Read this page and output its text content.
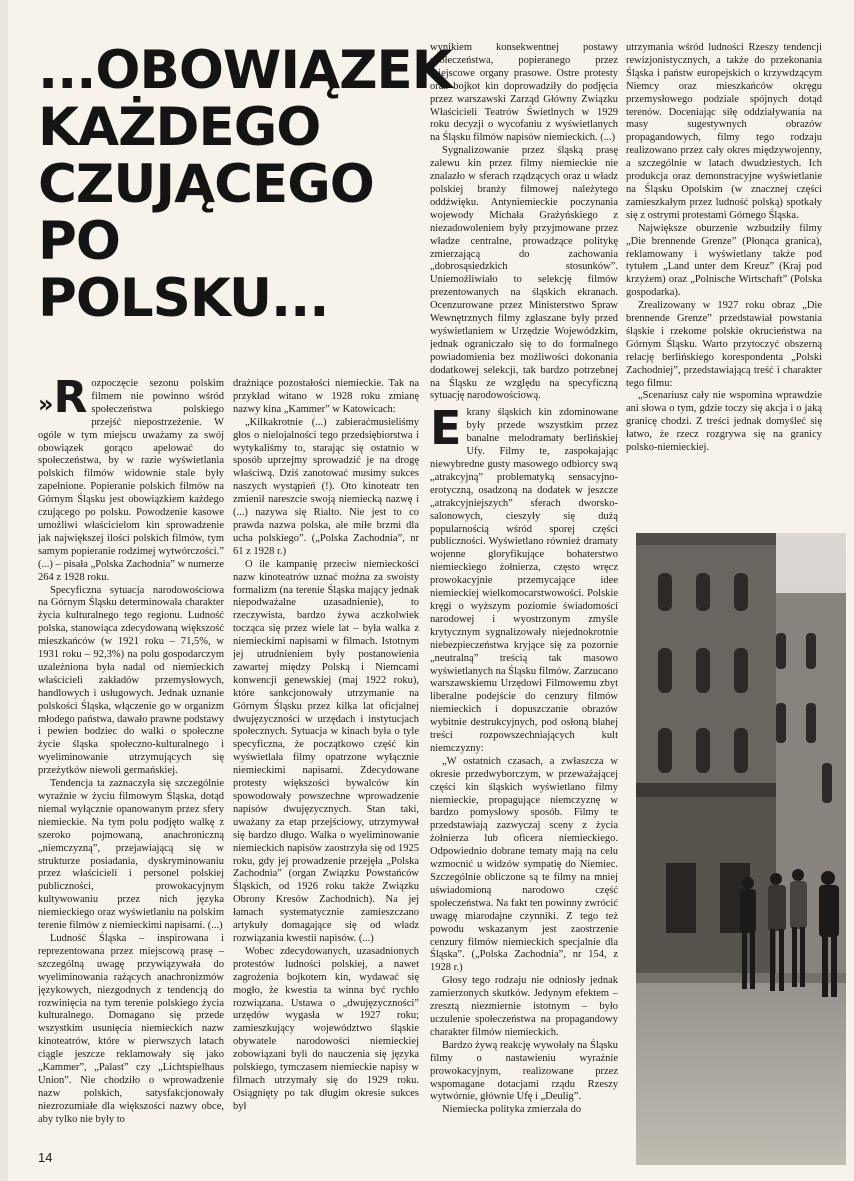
...OBOWIĄZEK
KAŻDEGO
CZUJĄCEGO
PO
POLSKU...

»R ozpoczęcie sezonu polskim filmem nie powinno wśród społeczeństwa polskiego przejść niepostrzeżenie. W ogóle w tym miejscu uważamy za swój obowiązek gorąco apelować do społeczeństwa, by w razie wyświetlania polskich filmów widownie stale były zapełnione. Popieranie polskich filmów na Górnym Śląsku jest obowiązkiem każdego czującego po polsku. Powodzenie kasowe umożliwi właścicielom kin sprowadzenie jak największej ilości polskich filmów, tym samym popieranie rodzimej wytwórczości.” (...) – pisała „Polska Zachodnia” w numerze 264 z 1928 roku.

Specyficzna sytuacja narodowościowa na Górnym Śląsku determinowała charakter życia kulturalnego tego regionu. Ludność polska, stanowiąca zdecydowaną większość mieszkańców (w 1921 roku – 71,5%, w 1931 roku – 92,3%) na polu gospodarczym uzależniona była nadal od niemieckich właścicieli zakładów przemysłowych, handlowych i usługowych. Jednak uznanie polskości Śląska, włączenie go w organizm młodego państwa, dawało prawne podstawy i pewien bodziec do walki o społeczne życie śląska społeczno-kulturalnego i wyeliminowanie utrzymujących się przeżytków niewoli germańskiej.

Tendencja ta zaznaczyła się szczególnie wyraźnie w życiu filmowym Śląska, dotąd niemal wyłącznie opanowanym przez sfery niemieckie. Na tym polu podjęto walkę z szeroko pojmowaną, anachroniczną „niemczyzną”, przejawiającą się w strukturze posiadania, dyskryminowaniu przez właścicieli i personel polskiej publiczności, prowokacyjnym kultywowaniu przez nich języka niemieckiego oraz wyświetlaniu na polskim terenie filmów z niemieckimi napisami. (...)

Ludność Śląska – inspirowana i reprezentowana przez miejscową prasę – szczególną uwagę przywiązywała do wyeliminowania rażących anachronizmów językowych, niezgodnych z tendencją do rozwinięcia na tym terenie polskiego życia kulturalnego. Domagano się przede wszystkim usunięcia niemieckich nazw kinoteatrów, które w pierwszych latach ciągle jeszcze reklamowały się jako „Kammer”, „Palast” czy „Lichtspielhaus Union”. Nie chodziło o wprowadzenie nazw polskich, satysfakcjonowały niezrozumiałe dla większości nazwy obce, aby tylko nie były to

drażniące pozostałości niemieckie. Tak na przykład witano w 1928 roku zmianę nazwy kina „Kammer” w Katowicach:

„Kilkakrotnie (...) zabieraćmusieliśmy głos o nielojalności tego przedsiębiorstwa i wytykaliśmy to, starając się ostatnio w sposób uprzejmy sprowadzić je na drogę właściwą. Dziś zanotować musimy sukces naszych wystąpień (!). Oto kinoteatr ten zmienił nareszcie swoją niemiecką nazwę i (...) nazywa się Rialto. Nie jest to co prawda nazwa polska, ale miłe brzmi dla ucha polskiego”. („Polska Zachodnia”, nr 61 z 1928 r.)

O ile kampanię przeciw niemieckości nazw kinoteatrów uznać można za swoisty formalizm (na terenie Śląska mający jednak niepodważalne uzasadnienie), to rzeczywista, bardzo żywa aczkolwiek tocząca się przez wiele lat – była walka z niemieckimi napisami w filmach. Istotnym jej utrudnieniem były postanowienia zawartej między Polską i Niemcami konwencji genewskiej (maj 1922 roku), które sankcjonowały utrzymanie na Górnym Śląsku przez kilka lat oficjalnej dwujęzyczności w urzędach i instytucjach społecznych. Sytuacja w kinach była o tyle specyficzna, że początkowo część kin wyświetlała filmy opatrzone wyłącznie niemieckimi napisami. Zdecydowane protesty większości bywalców kin spowodowały powszechne wprowadzenie napisów dwujęzycznych. Stan taki, uważany za etap przejściowy, utrzymywał się bardzo długo. Walka o wyeliminowanie niemieckich napisów zaostrzyła się od 1925 roku, gdy jej prowadzenie przejęła „Polska Zachodnia” (organ Związku Powstańców Śląskich, od 1926 roku także Związku Obrony Kresów Zachodnich). Na jej łamach systematycznie zamieszczano artykuły domagające się od władz rozwiązania kwestii napisów. (...)

Wobec zdecydowanych, uzasadnionych protestów ludności polskiej, a nawet zagrożenia bojkotem kin, wydawać się mogło, że kwestia ta winna być rychło rozwiązana. Ustawa o „dwujęzyczności” urzędów wygasła w 1927 roku; zamieszkujący województwo śląskie obywatele narodowości niemieckiej zobowiązani byli do nauczenia się języka polskiego, tymczasem niemieckie napisy w filmach utrzymały się do 1929 roku. Osiągnięty po tak długim okresie sukces był

wynikiem konsekwentnej postawy społeczeństwa, popieranego przez miejscowe organy prasowe. Ostre protesty oraz bojkot kin doprowadziły do podjęcia przez warszawski Zarząd Główny Związku Właścicieli Teatrów Świetlnych w 1929 roku decyzji o wycofaniu z wyświetlanych na Śląsku filmów napisów niemieckich. (...)

Sygnalizowanie przez śląską prasę zalewu kin przez filmy niemieckie nie znalazło w sferach rządzących oraz u władz polskiej branży filmowej należytego oddźwięku. Antyniemieckie poczynania wojewody Michała Grażyńskiego z niezadowoleniem były przyjmowane przez władze centralne, prowadzące politykę zmierzającą do zachowania „dobrosąsiedzkich stosunków”. Uniemożliwiało to selekcję filmów prezentowanych na śląskich ekranach. Ocenzurowane przez Ministerstwo Spraw Wewnętrznych filmy zgłaszane były przed wyświetlaniem w Urzędzie Wojewódzkim, jednak ograniczało się to do formalnego powiadomienia bez możliwości dokonania dodatkowej selekcji, tak bardzo potrzebnej na Śląsku ze względu na specyficzną sytuację narodowościową.

Ekrany śląskich kin zdominowane były przede wszystkim przez banalne melodramaty berlińskiej Ufy. Filmy te, zaspokajając niewybredne gusty masowego odbiorcy swą „atrakcyjną” problematyką sensacyjno-erotyczną, osadzoną na dodatek w jeszcze „atrakcyjniejszych” sferach dworsko-salonowych, cieszyły się dużą popularnością wśród sporej części publiczności. Wyświetlano również dramaty wojenne gloryfikujące bohaterstwo niemieckiego żołnierza, często wręcz prowokacyjnie przemycające idee niemieckiej wielkomocarstwowości. Polskie kręgi o wyższym poziomie świadomości narodowej i wyostrzonym zmyśle krytycznym sygnalizowały niejednokrotnie niebezpieczeństwa kryjące się za pozornie „neutralną” treścią tak masowo wyświetlanych na Śląsku filmów. Zarzucano warszawskiemu Urzędowi Filmowemu zbyt liberalne podejście do cenzury filmów niemieckich i dopuszczanie obrazów wybitnie destrukcyjnych, pod osłoną błahej treści rozpowszechniających kult niemczyzny:

„W ostatnich czasach, a zwłaszcza w okresie przedwyborczym, w przeważającej części kin śląskich wyświetlano filmy niemieckie, propagujące niemczyznę w bardzo pomysłowy sposób. Filmy te przedstawiają zazwyczaj sceny z życia żołnierza lub oficera niemieckiego. Odpowiednio dobrane tematy mają na celu wzmocnić u widzów sympatię do Niemiec. Szczególnie obliczone są te filmy na mniej uświadomioną narodowo część społeczeństwa. Na fakt ten powinny zwrócić uwagę miarodajne czynniki. Z tego też powodu wskazanym jest zaostrzenie cenzury filmów niemieckich specjalnie dla Śląska”. („Polska Zachodnia”, nr 154, z 1928 r.)

Głosy tego rodzaju nie odniosły jednak zamierzonych skutków. Jedynym efektem – zresztą niezmiernie istotnym – było uczulenie społeczeństwa na propagandowy charakter filmów niemieckich.

Bardzo żywą reakcję wywołały na Śląsku filmy o nastawieniu wyraźnie prowokacyjnym, realizowane przez wspomagane dotacjami rządu Rzeszy wytwórnie, głównie Ufę i „Deulig”.

Niemiecka polityka zmierzała do

utrzymania wśród ludności Rzeszy tendencji rewizjonistycznych, a także do przekonania Śląska i państw europejskich o krzywdzącym Niemcy oraz mieszkańców okręgu przemysłowego podziale spójnych dotąd terenów. Doceniając siłę oddziaływania na masy sugestywnych obrazów propagandowych, filmy tego rodzaju realizowano przez cały okres międzywojenny, a szczególnie w latach dwudziestych. Ich produkcja oraz demonstracyjne wyświetlanie na Śląsku Opolskim (w znacznej części zamieszkałym przez ludność polską) spotkały się z ostrymi protestami Górnego Śląska.

Największe oburzenie wzbudziły filmy „Die brennende Grenze” (Płonąca granica), reklamowany i wyświetlany także pod tytułem „Land unter dem Kreuz” (Kraj pod krzyżem) oraz „Polnische Wirtschaft” (Polska gospodarka).

Zrealizowany w 1927 roku obraz „Die brennende Grenze” przedstawiał powstania śląskie i rzekome polskie okrucieństwa na Górnym Śląsku. Warto przytoczyć obszerną relację berlińskiego korespondenta „Polski Zachodniej”, przedstawiającą treść i charakter tego filmu:

„Scenariusz cały nie wspomina wprawdzie ani słowa o tym, gdzie toczy się akcja i o jaką granicę chodzi. Z treści jednak domyśleć się łatwo, że rzecz rozgrywa się na granicy polsko-niemieckiej.

14
